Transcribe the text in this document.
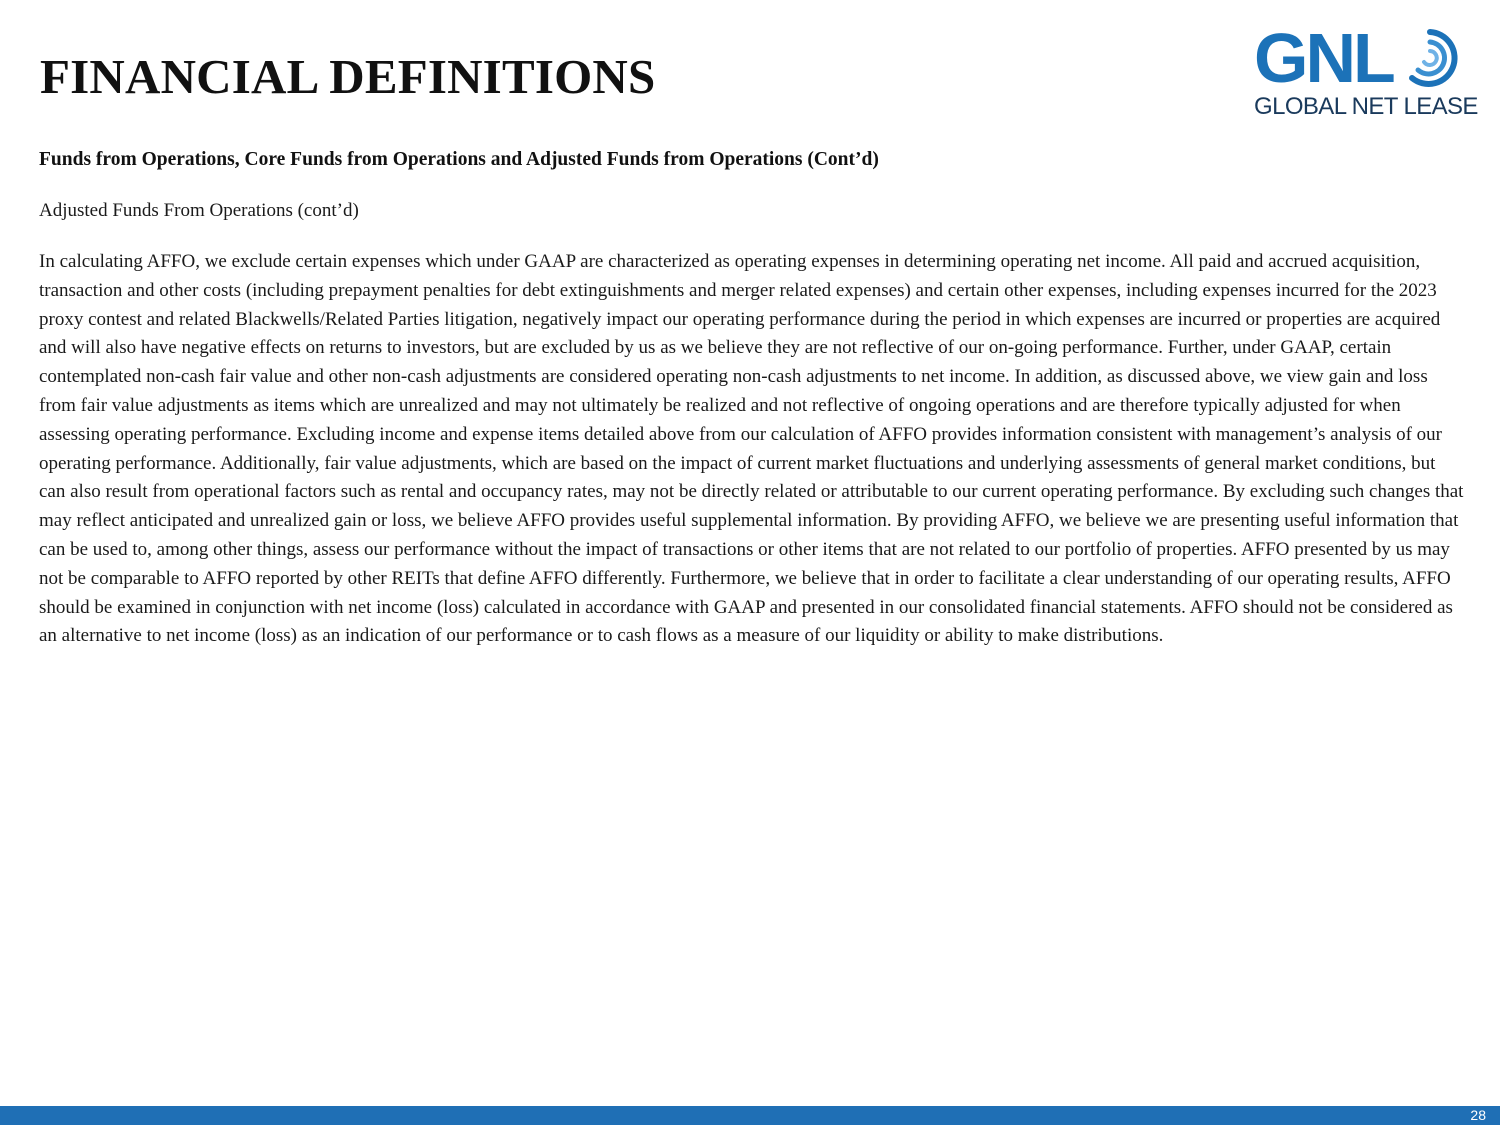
FINANCIAL DEFINITIONS	GNL
GLOBAL NET LEASE
Funds from Operations, Core Funds from Operations and Adjusted Funds from Operations (Cont’d)

Adjusted Funds From Operations (cont’d)

In calculating AFFO, we exclude certain expenses which under GAAP are characterized as operating expenses in determining operating net income. All paid and accrued acquisition, transaction and other costs (including prepayment penalties for debt extinguishments and merger related expenses) and certain other expenses, including expenses incurred for the 2023 proxy contest and related Blackwells/Related Parties litigation, negatively impact our operating performance during the period in which expenses are incurred or properties are acquired and will also have negative effects on returns to investors, but are excluded by us as we believe they are not reflective of our on-going performance. Further, under GAAP, certain contemplated non-cash fair value and other non-cash adjustments are considered operating non-cash adjustments to net income. In addition, as discussed above, we view gain and loss from fair value adjustments as items which are unrealized and may not ultimately be realized and not reflective of ongoing operations and are therefore typically adjusted for when assessing operating performance. Excluding income and expense items detailed above from our calculation of AFFO provides information consistent with management’s analysis of our operating performance. Additionally, fair value adjustments, which are based on the impact of current market fluctuations and underlying assessments of general market conditions, but can also result from operational factors such as rental and occupancy rates, may not be directly related or attributable to our current operating performance. By excluding such changes that may reflect anticipated and unrealized gain or loss, we believe AFFO provides useful supplemental information. By providing AFFO, we believe we are presenting useful information that can be used to, among other things, assess our performance without the impact of transactions or other items that are not related to our portfolio of properties. AFFO presented by us may not be comparable to AFFO reported by other REITs that define AFFO differently. Furthermore, we believe that in order to facilitate a clear understanding of our operating results, AFFO should be examined in conjunction with net income (loss) calculated in accordance with GAAP and presented in our consolidated financial statements. AFFO should not be considered as an alternative to net income (loss) as an indication of our performance or to cash flows as a measure of our liquidity or ability to make distributions.

28
